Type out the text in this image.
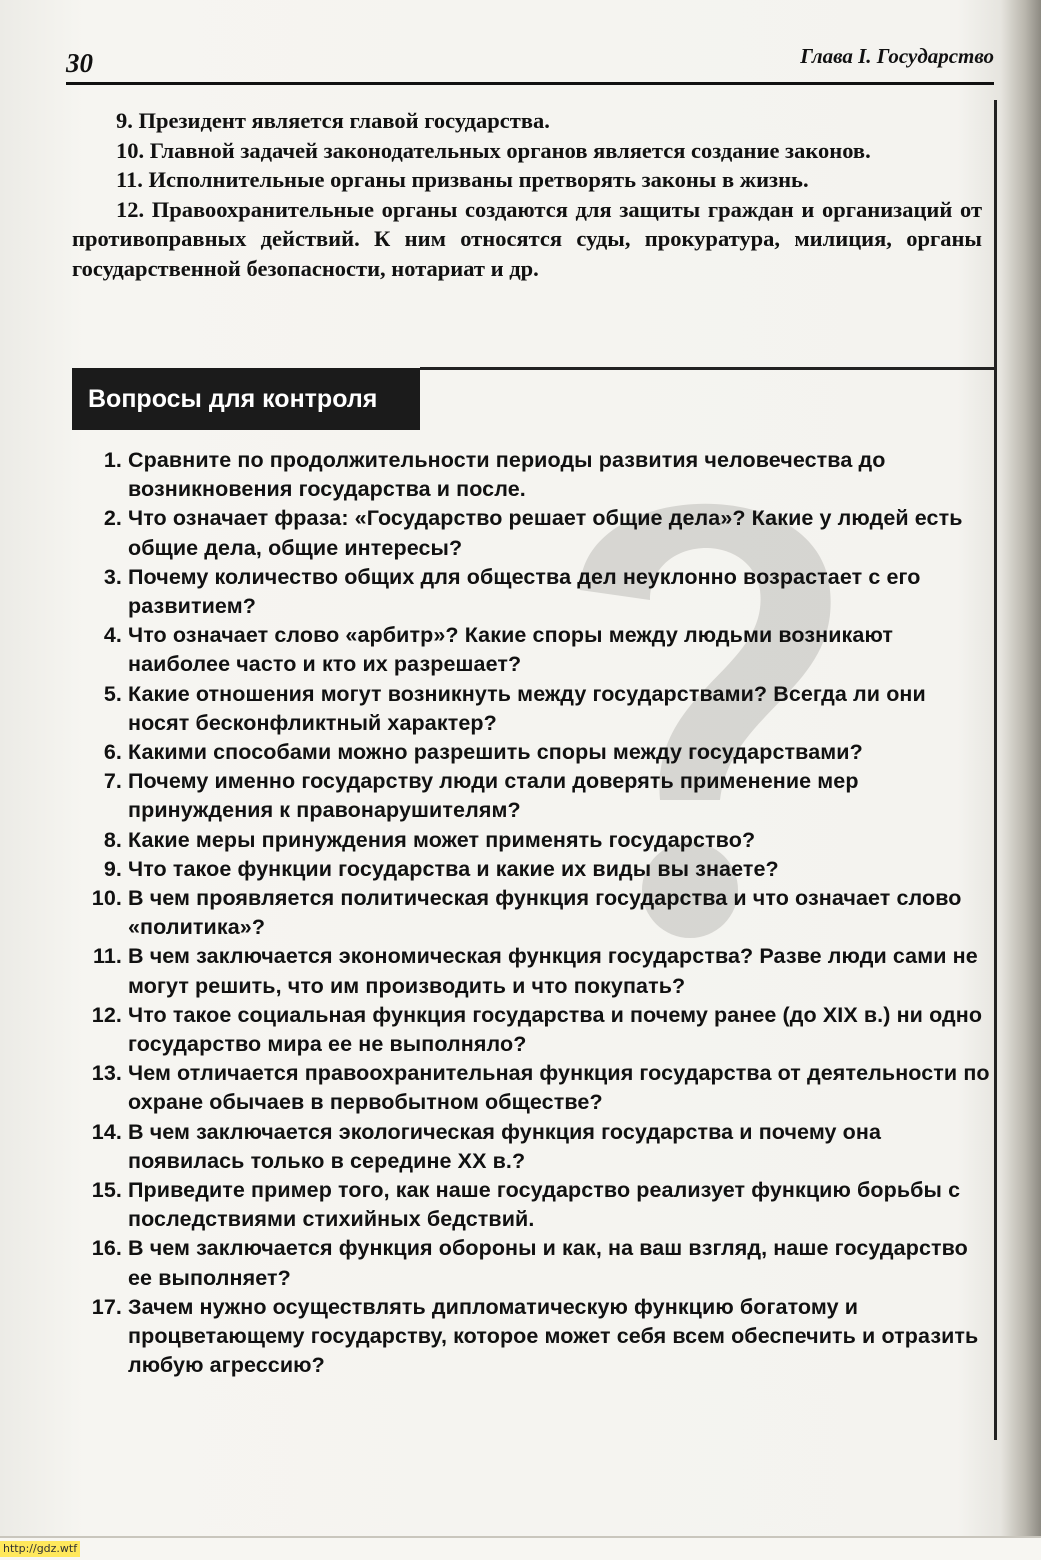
30	Глава I. Государство

9. Президент является главой государства.

10. Главной задачей законодательных органов является создание законов.

11. Исполнительные органы призваны претворять законы в жизнь.

12. Правоохранительные органы создаются для защиты граждан и организаций от противоправных действий. К ним относятся суды, прокуратура, милиция, органы государственной безопасности, нотариат и др.

Вопросы для контроля
1. Сравните по продолжительности периоды развития человечества до возникновения государства и после.
2. Что означает фраза: «Государство решает общие дела»? Какие у людей есть общие дела, общие интересы?
3. Почему количество общих для общества дел неуклонно возрастает с его развитием?
4. Что означает слово «арбитр»? Какие споры между людьми возникают наиболее часто и кто их разрешает?
5. Какие отношения могут возникнуть между государствами? Всегда ли они носят бесконфликтный характер?
6. Какими способами можно разрешить споры между государствами?
7. Почему именно государству люди стали доверять применение мер принуждения к правонарушителям?
8. Какие меры принуждения может применять государство?
9. Что такое функции государства и какие их виды вы знаете?
10. В чем проявляется политическая функция государства и что означает слово «политика»?
11. В чем заключается экономическая функция государства? Разве люди сами не могут решить, что им производить и что покупать?
12. Что такое социальная функция государства и почему ранее (до XIX в.) ни одно государство мира ее не выполняло?
13. Чем отличается правоохранительная функция государства от деятельности по охране обычаев в первобытном обществе?
14. В чем заключается экологическая функция государства и почему она появилась только в середине XX в.?
15. Приведите пример того, как наше государство реализует функцию борьбы с последствиями стихийных бедствий.
16. В чем заключается функция обороны и как, на ваш взгляд, наше государство ее выполняет?
17. Зачем нужно осуществлять дипломатическую функцию богатому и процветающему государству, которое может себя всем обеспечить и отразить любую агрессию?
http://gdz.wtf
